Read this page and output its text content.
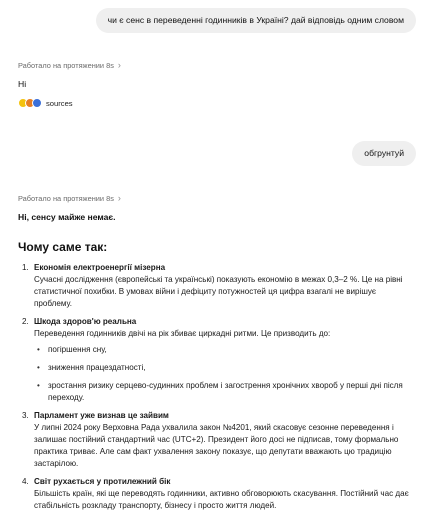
чи є сенс в переведенні годинників в Україні? дай відповідь одним словом
Работало на протяжении 8s ›
Ні
sources
обгрунтуй
Работало на протяжении 8s ›
Ні, сенсу майже немає.
Чому саме так:
1. Економія електроенергії мізерна
Сучасні дослідження (європейські та українські) показують економію в межах 0,3–2 %. Це на рівні статистичної похибки. В умовах війни і дефіциту потужностей ця цифра взагалі не вирішує проблему.
2. Шкода здоров'ю реальна
Переведення годинників двічі на рік збиває циркадні ритми. Це призводить до:
• погіршення сну,
• зниження працездатності,
• зростання ризику серцево-судинних проблем і загострення хронічних хвороб у перші дні після переходу.
3. Парламент уже визнав це зайвим
У липні 2024 року Верховна Рада ухвалила закон №4201, який скасовує сезонне переведення і залишає постійний стандартний час (UTC+2). Президент його досі не підписав, тому формально практика триває. Але сам факт ухвалення закону показує, що депутати вважають цю традицію застарілою.
4. Світ рухається у протилежний бік
Більшість країн, які ще переводять годинники, активно обговорюють скасування. Постійний час дає стабільність розкладу транспорту, бізнесу і просто життя людей.
